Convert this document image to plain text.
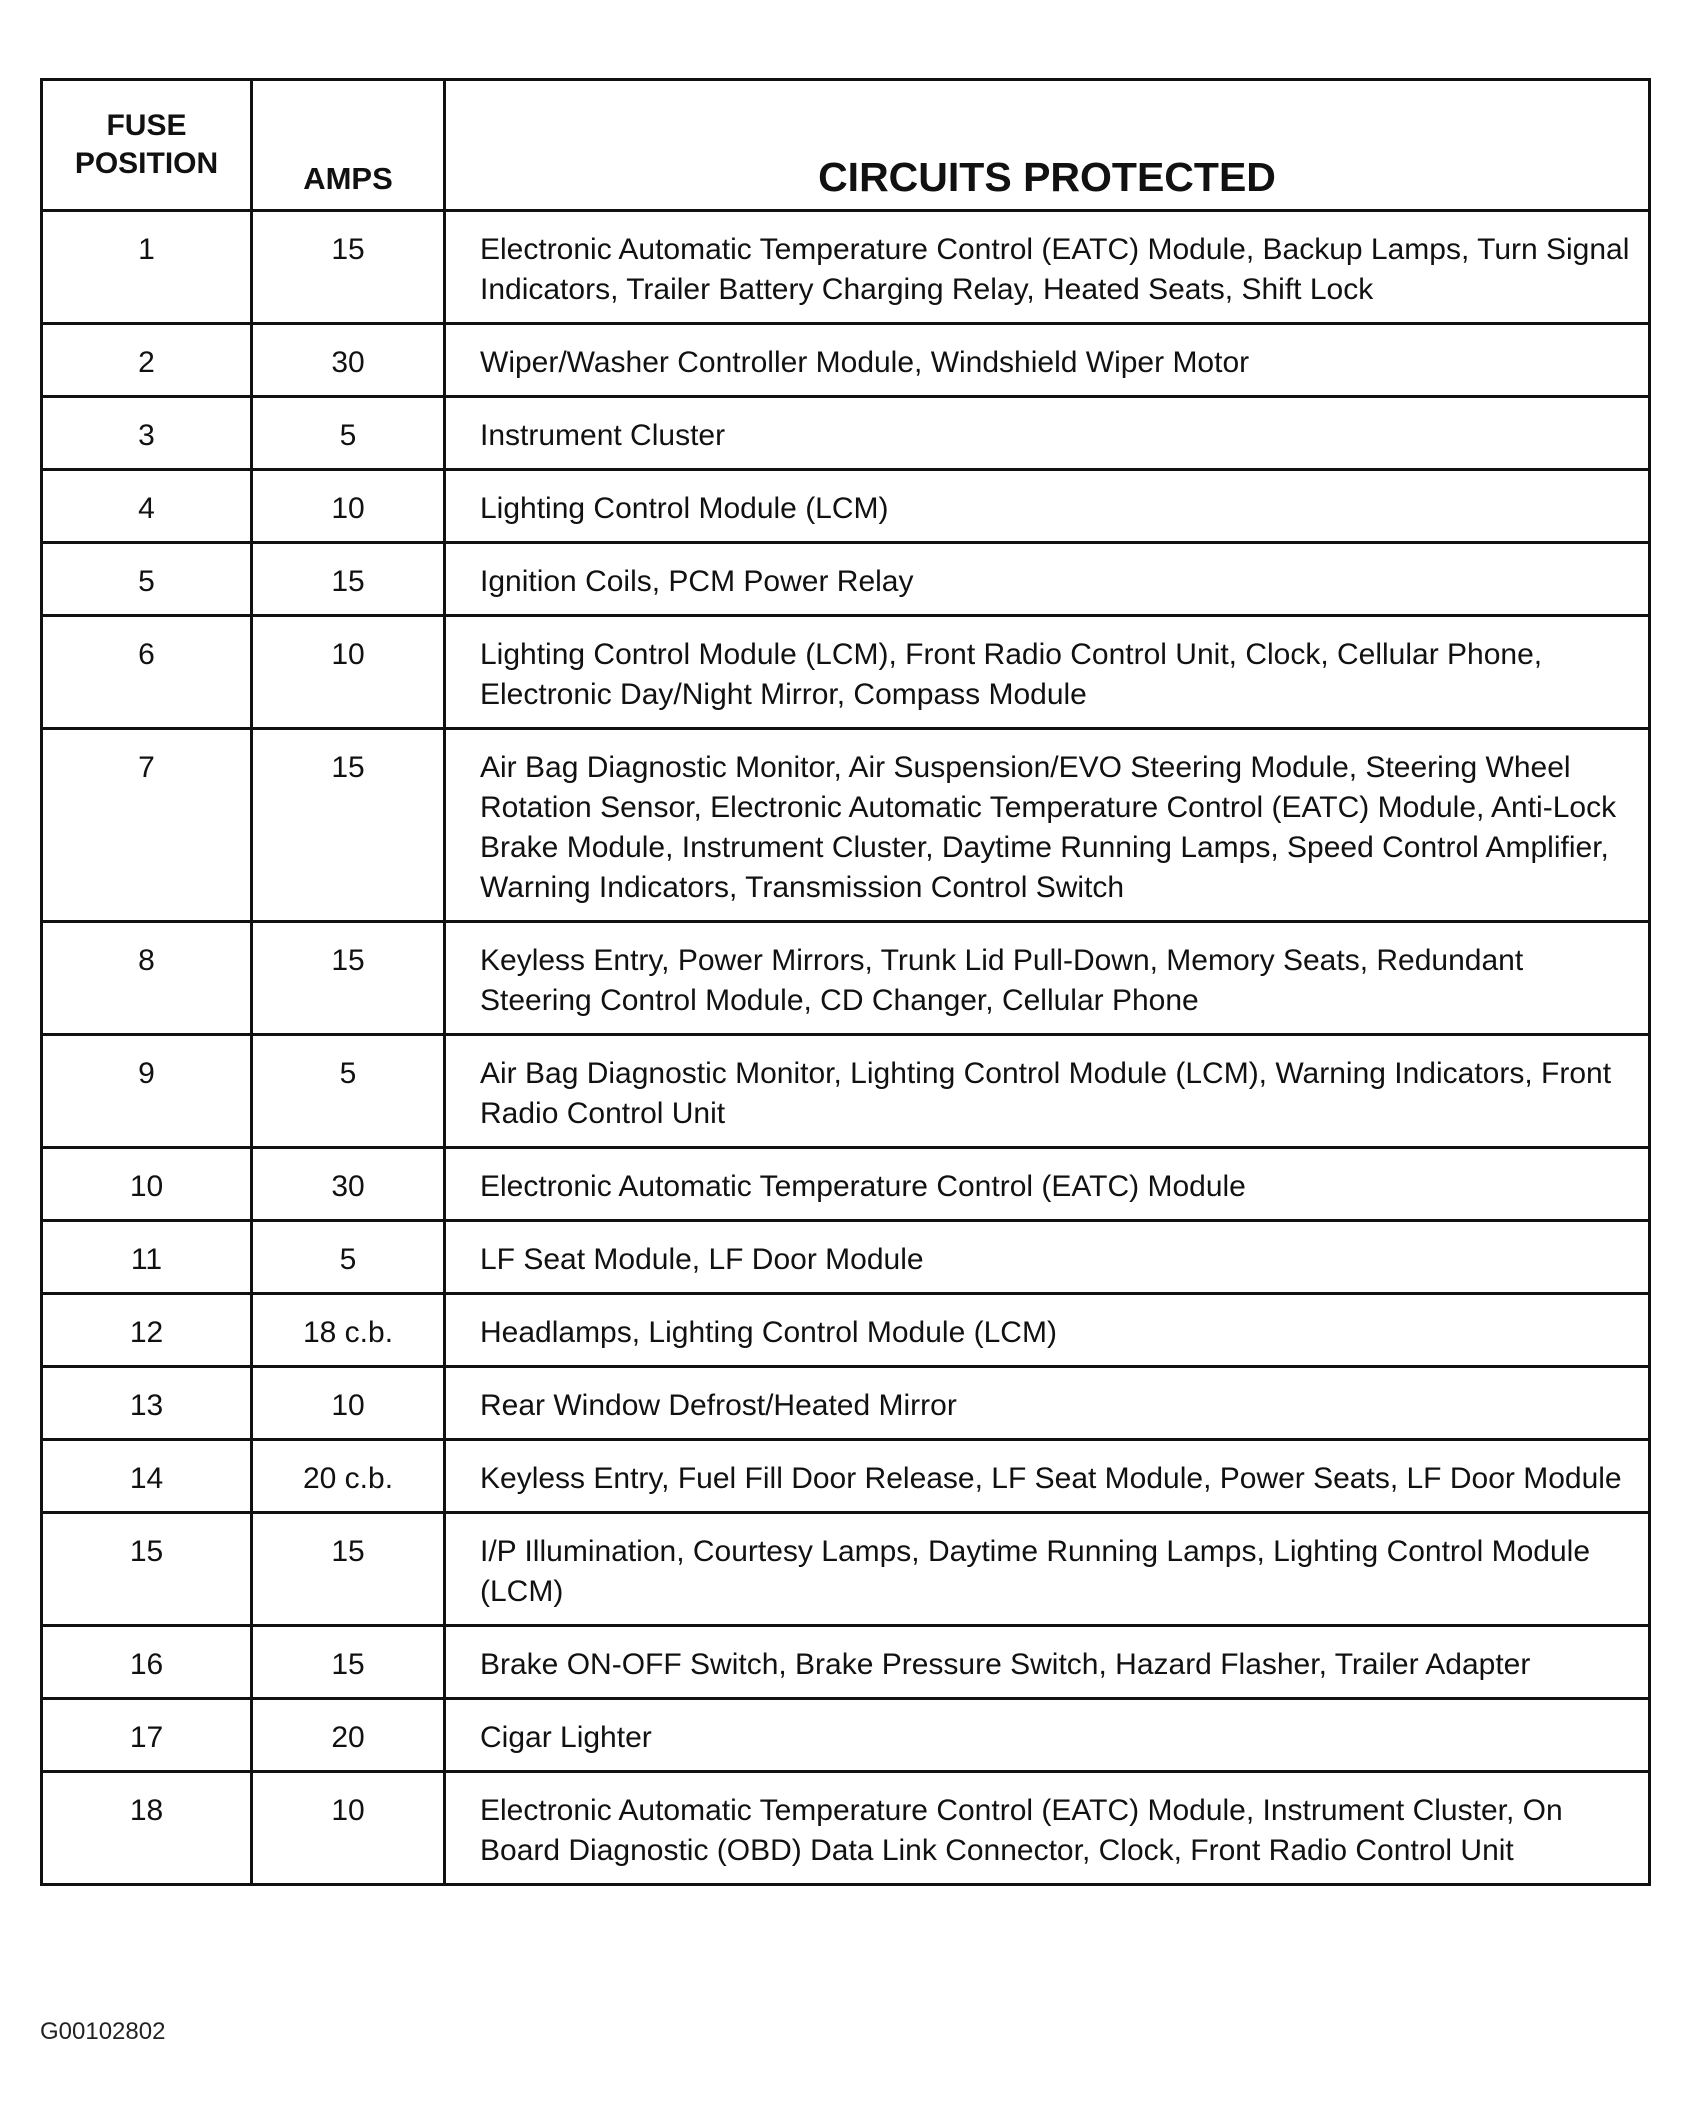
FUSE POSITION	AMPS	CIRCUITS PROTECTED
1	15	Electronic Automatic Temperature Control (EATC) Module, Backup Lamps, Turn Signal Indicators, Trailer Battery Charging Relay, Heated Seats, Shift Lock
2	30	Wiper/Washer Controller Module, Windshield Wiper Motor
3	5	Instrument Cluster
4	10	Lighting Control Module (LCM)
5	15	Ignition Coils, PCM Power Relay
6	10	Lighting Control Module (LCM), Front Radio Control Unit, Clock, Cellular Phone, Electronic Day/Night Mirror, Compass Module
7	15	Air Bag Diagnostic Monitor, Air Suspension/EVO Steering Module, Steering Wheel Rotation Sensor, Electronic Automatic Temperature Control (EATC) Module, Anti-Lock Brake Module, Instrument Cluster, Daytime Running Lamps, Speed Control Amplifier, Warning Indicators, Transmission Control Switch
8	15	Keyless Entry, Power Mirrors, Trunk Lid Pull-Down, Memory Seats, Redundant Steering Control Module, CD Changer, Cellular Phone
9	5	Air Bag Diagnostic Monitor, Lighting Control Module (LCM), Warning Indicators, Front Radio Control Unit
10	30	Electronic Automatic Temperature Control (EATC) Module
11	5	LF Seat Module, LF Door Module
12	18 c.b.	Headlamps, Lighting Control Module (LCM)
13	10	Rear Window Defrost/Heated Mirror
14	20 c.b.	Keyless Entry, Fuel Fill Door Release, LF Seat Module, Power Seats, LF Door Module
15	15	I/P Illumination, Courtesy Lamps, Daytime Running Lamps, Lighting Control Module (LCM)
16	15	Brake ON-OFF Switch, Brake Pressure Switch, Hazard Flasher, Trailer Adapter
17	20	Cigar Lighter
18	10	Electronic Automatic Temperature Control (EATC) Module, Instrument Cluster, On Board Diagnostic (OBD) Data Link Connector, Clock, Front Radio Control Unit
G00102802
